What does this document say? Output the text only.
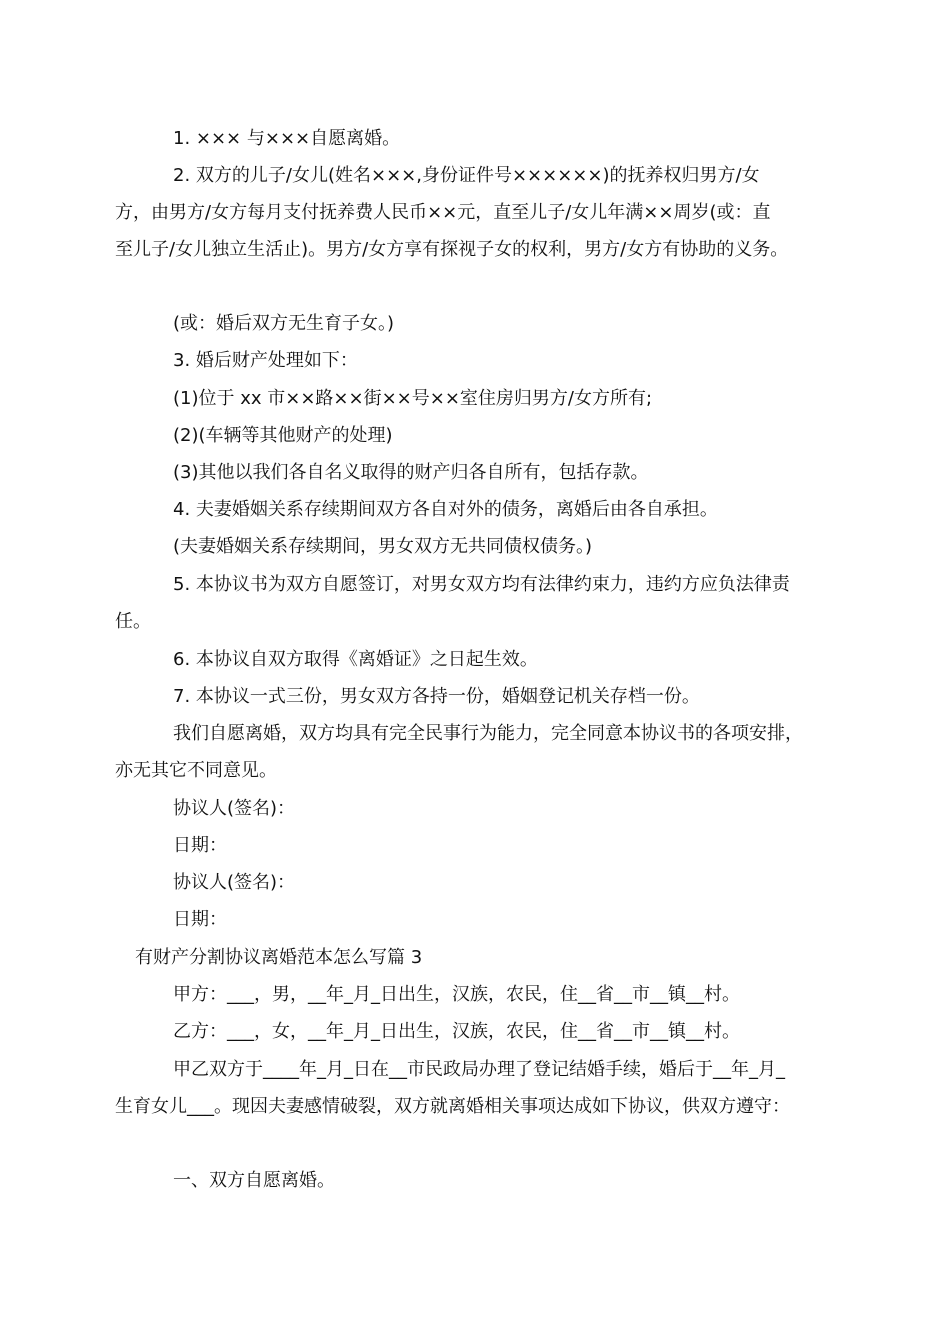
1. ××× 与×××自愿离婚。
2. 双方的儿子/女儿(姓名×××,身份证件号××××××)的抚养权归男方/女
方，由男方/女方每月支付抚养费人民币××元，直至儿子/女儿年满××周岁(或：直
至儿子/女儿独立生活止)。男方/女方享有探视子女的权利，男方/女方有协助的义务。
(或：婚后双方无生育子女。)
3. 婚后财产处理如下：
(1)位于 xx 市××路××街××号××室住房归男方/女方所有;
(2)(车辆等其他财产的处理)
(3)其他以我们各自名义取得的财产归各自所有，包括存款。
4. 夫妻婚姻关系存续期间双方各自对外的债务，离婚后由各自承担。
(夫妻婚姻关系存续期间，男女双方无共同债权债务。)
5. 本协议书为双方自愿签订，对男女双方均有法律约束力，违约方应负法律责
任。
6. 本协议自双方取得《离婚证》之日起生效。
7. 本协议一式三份，男女双方各持一份，婚姻登记机关存档一份。
我们自愿离婚，双方均具有完全民事行为能力，完全同意本协议书的各项安排，
亦无其它不同意见。
协议人(签名)：
日期：
协议人(签名)：
日期：
有财产分割协议离婚范本怎么写篇 3
甲方：___，男，__年_月_日出生，汉族，农民，住__省__市__镇__村。
乙方：___，女，__年_月_日出生，汉族，农民，住__省__市__镇__村。
甲乙双方于____年_月_日在__市民政局办理了登记结婚手续，婚后于__年_月_
生育女儿___。现因夫妻感情破裂，双方就离婚相关事项达成如下协议，供双方遵守：
一、双方自愿离婚。
